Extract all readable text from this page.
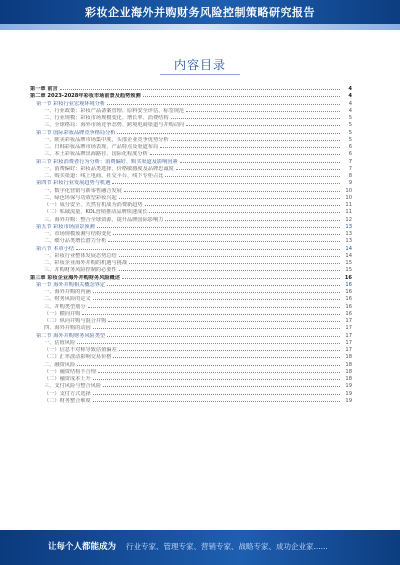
彩妆企业海外并购财务风险控制策略研究报告
内容目录
第一章 前言	4
第二章 2023-2028年彩妆市场前景及趋势预测	4
第一节 彩妆行业宏观环境分析	4
一、行业政策：彩妆产品备案管理、原料安全评估、标签规范	4
二、行业规模：彩妆市场规模变化、增长率、消费结构	5
三、全球格局：海外市场竞争态势、跨境电商渠道与并购动向	5
第二节 国际彩妆品牌竞争格局分析	5
一、欧美彩妆品牌市场集中度、头部企业竞争优势分析	5
二、日韩彩妆品牌市场表现、产品特点及渠道布局	6
三、本土彩妆品牌出海路径、国际化程度分析	6
第三节 彩妆消费者行为分析：消费偏好、购买渠道及影响因素	7
一、消费偏好：彩妆品类选择、价格敏感度及品牌忠诚度	7
二、购买渠道：线上电商、社交平台、线下专柜占比	8
第四节 彩妆行业发展趋势与机遇	9
一、数字化营销与新零售融合发展	10
二、绿色环保与功效型彩妆兴起	10
（一）成分安全、天然有机成为消费新趋势	11
（二）私域流量、KOL营销推动品牌快速成长	11
三、海外并购：整合全球资源、提升品牌国际影响力	12
第五节 彩妆市场前景预测	13
一、市场规模预测与结构变化	13
二、细分品类增长潜力分析	13
第六节 本章小结	14
一、彩妆行业整体发展态势总结	14
二、彩妆企业海外并购的机遇与挑战	15
三、并购财务风险控制的必要性	15
第三章 彩妆企业海外并购财务风险概述	16
第一节 海外并购相关概念界定	16
一、海外并购的内涵	16
二、财务风险的定义	16
三、并购类型划分	16
（一）横向并购	16
（二）纵向并购与混合并购	17
四、海外并购的动因	17
第二节 海外并购财务风险类型	17
一、估值风险	17
（一）信息不对称导致估值偏差	17
（二）汇率波动影响交易价格	18
二、融资风险	18
（一）融资结构不合理	18
（二）融资成本上升	18
三、支付风险与整合风险	19
（一）支付方式选择	19
（二）财务整合难度	19
让每个人都能成为 行业专家、管理专家、营销专家、战略专家、成功企业家......
